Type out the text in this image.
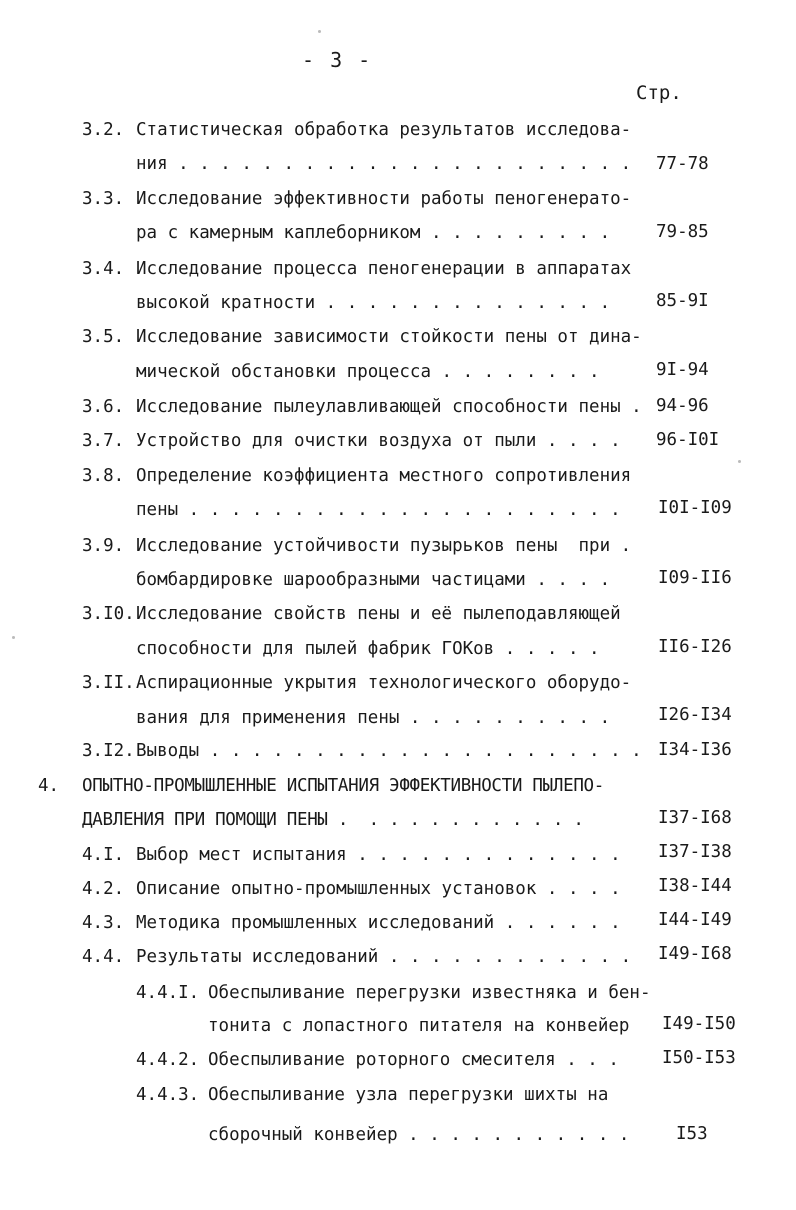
- 3 -
Стр.
3.2. Статистическая обработка результатов исследова-
ния . . . . . . . . . . . . . . . . . . . . . . 77-78
3.3. Исследование эффективности работы пеногенерато-
ра с камерным каплеборником . . . . . . . . .	79-85
3.4. Исследование процесса пеногенерации в аппаратах
высокой кратности . . . . . . . . . . . . . .	85-9I
3.5. Исследование зависимости стойкости пены от дина-
мической обстановки процесса . . . . . . . .	9I-94
3.6. Исследование пылеулавливающей способности пены . 94-96
3.7. Устройство для очистки воздуха от пыли . . . . 96-I0I
3.8. Определение коэффициента местного сопротивления
пены . . . . . . . . . . . . . . . . . . . . . I0I-I09
3.9. Исследование устойчивости пузырьков пены  при .
бомбардировке шарообразными частицами . . . .	I09-II6
3.I0. Исследование свойств пены и её пылеподавляющей
способности для пылей фабрик ГОКов . . . . .	II6-I26
3.II. Аспирационные укрытия технологического оборудо-
вания для применения пены . . . . . . . . . .	I26-I34
3.I2. Выводы . . . . . . . . . . . . . . . . . . . . . I34-I36
4. ОПЫТНО-ПРОМЫШЛЕННЫЕ ИСПЫТАНИЯ ЭФФЕКТИВНОСТИ ПЫЛЕПО-
ДАВЛЕНИЯ ПРИ ПОМОЩИ ПЕНЫ .  . . . . . . . . . . .	I37-I68
4.I. Выбор мест испытания . . . . . . . . . . . . . I37-I38
4.2. Описание опытно-промышленных установок . . . . I38-I44
4.3. Методика промышленных исследований . . . . . . I44-I49
4.4. Результаты исследований . . . . . . . . . . . . I49-I68
4.4.I. Обеспыливание перегрузки известняка и бен-
тонита с лопастного питателя на конвейер I49-I50
4.4.2. Обеспыливание роторного смесителя . . . I50-I53
4.4.3. Обеспыливание узла перегрузки шихты на
сборочный конвейер . . . . . . . . . . .	I53
